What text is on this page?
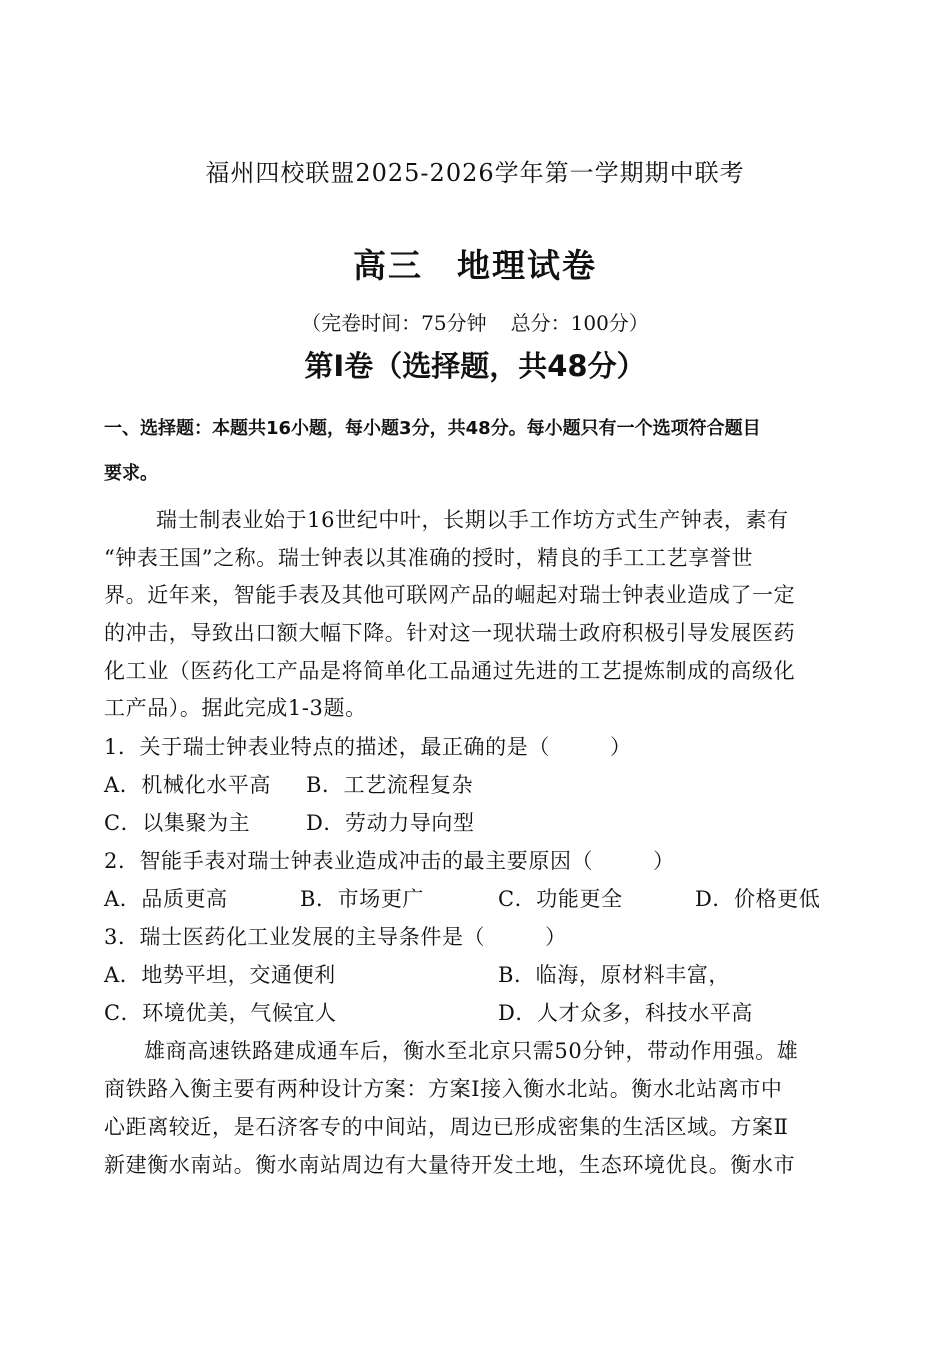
福州四校联盟2025-2026学年第一学期期中联考
高三 地理试卷
（完卷时间：75分钟 总分：100分）
第Ⅰ卷（选择题，共48分）
一、选择题：本题共16小题，每小题3分，共48分。每小题只有一个选项符合题目
要求。
瑞士制表业始于16世纪中叶，长期以手工作坊方式生产钟表，素有
“钟表王国”之称。瑞士钟表以其准确的授时，精良的手工工艺享誉世
界。近年来，智能手表及其他可联网产品的崛起对瑞士钟表业造成了一定
的冲击，导致出口额大幅下降。针对这一现状瑞士政府积极引导发展医药
化工业（医药化工产品是将简单化工品通过先进的工艺提炼制成的高级化
工产品）。据此完成1-3题。
1．关于瑞士钟表业特点的描述，最正确的是（	）
A．机械化水平高 B．工艺流程复杂
C．以集聚为主	D．劳动力导向型
2．智能手表对瑞士钟表业造成冲击的最主要原因（	）
A．品质更高	B．市场更广	C．功能更全	D．价格更低
3．瑞士医药化工业发展的主导条件是（	）
A．地势平坦，交通便利	B．临海，原材料丰富，
C．环境优美，气候宜人	D．人才众多，科技水平高
雄商高速铁路建成通车后，衡水至北京只需50分钟，带动作用强。雄
商铁路入衡主要有两种设计方案：方案Ⅰ接入衡水北站。衡水北站离市中
心距离较近，是石济客专的中间站，周边已形成密集的生活区域。方案Ⅱ
新建衡水南站。衡水南站周边有大量待开发土地，生态环境优良。衡水市
